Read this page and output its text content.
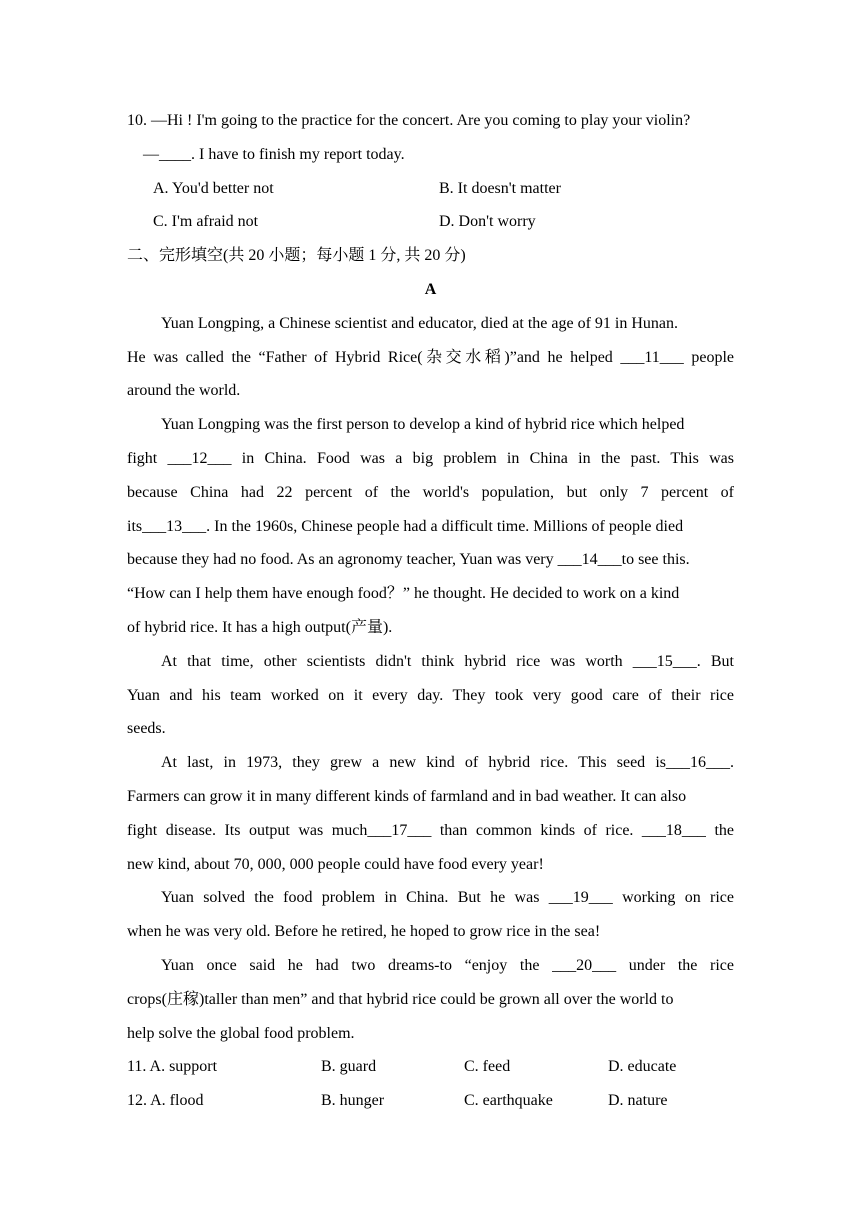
10. —Hi ! I'm going to the practice for the concert. Are you coming to play your violin?
—____. I have to finish my report today.
A. You'd better not	B. It doesn't matter
C. I'm afraid not	D. Don't worry
二、完形填空(共 20 小题；每小题 1 分, 共 20 分)
A
Yuan Longping, a Chinese scientist and educator, died at the age of 91 in Hunan.
He was called the “Father of Hybrid Rice(杂交水稻)”and he helped ___11___ people
around the world.
Yuan Longping was the first person to develop a kind of hybrid rice which helped
fight ___12___ in China. Food was a big problem in China in the past. This was
because China had 22 percent of the world's population, but only 7 percent of
its___13___. In the 1960s, Chinese people had a difficult time. Millions of people died
because they had no food. As an agronomy teacher, Yuan was very ___14___to see this.
“How can I help them have enough food？” he thought. He decided to work on a kind
of hybrid rice. It has a high output(产量).
At that time, other scientists didn't think hybrid rice was worth ___15___. But
Yuan and his team worked on it every day. They took very good care of their rice
seeds.
At last, in 1973, they grew a new kind of hybrid rice. This seed is___16___.
Farmers can grow it in many different kinds of farmland and in bad weather. It can also
fight disease. Its output was much___17___ than common kinds of rice. ___18___ the
new kind, about 70, 000, 000 people could have food every year!
Yuan solved the food problem in China. But he was ___19___ working on rice
when he was very old. Before he retired, he hoped to grow rice in the sea!
Yuan once said he had two dreams-to “enjoy the ___20___ under the rice
crops(庄稼)taller than men” and that hybrid rice could be grown all over the world to
help solve the global food problem.
11. A. support	B. guard	C. feed	D. educate
12. A. flood	B. hunger	C. earthquake	D. nature
